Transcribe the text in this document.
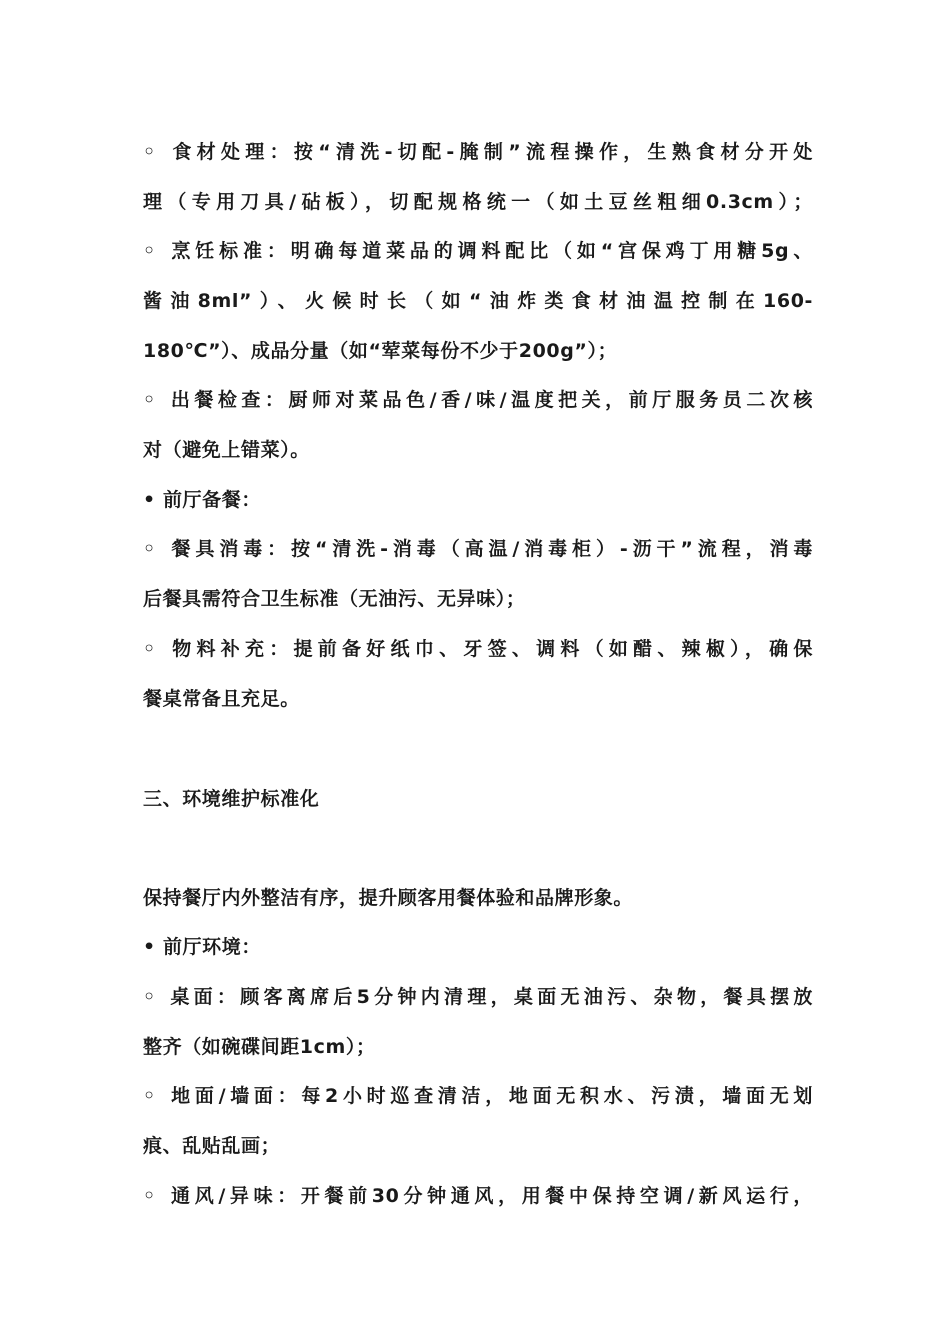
◦ 食材处理：按“清洗-切配-腌制”流程操作，生熟食材分开处
理（专用刀具/砧板），切配规格统一（如土豆丝粗细0.3cm）；
◦ 烹饪标准：明确每道菜品的调料配比（如“宫保鸡丁用糖5g、
酱油8ml”）、火候时长（如“油炸类食材油温控制在160-
180℃”）、成品分量（如“荤菜每份不少于200g”）；
◦ 出餐检查：厨师对菜品色/香/味/温度把关，前厅服务员二次核
对（避免上错菜）。
• 前厅备餐：
◦ 餐具消毒：按“清洗-消毒（高温/消毒柜）-沥干”流程，消毒
后餐具需符合卫生标准（无油污、无异味）；
◦ 物料补充：提前备好纸巾、牙签、调料（如醋、辣椒），确保
餐桌常备且充足。
三、环境维护标准化
保持餐厅内外整洁有序，提升顾客用餐体验和品牌形象。
• 前厅环境：
◦ 桌面：顾客离席后5分钟内清理，桌面无油污、杂物，餐具摆放
整齐（如碗碟间距1cm）；
◦ 地面/墙面：每2小时巡查清洁，地面无积水、污渍，墙面无划
痕、乱贴乱画；
◦ 通风/异味：开餐前30分钟通风，用餐中保持空调/新风运行，
